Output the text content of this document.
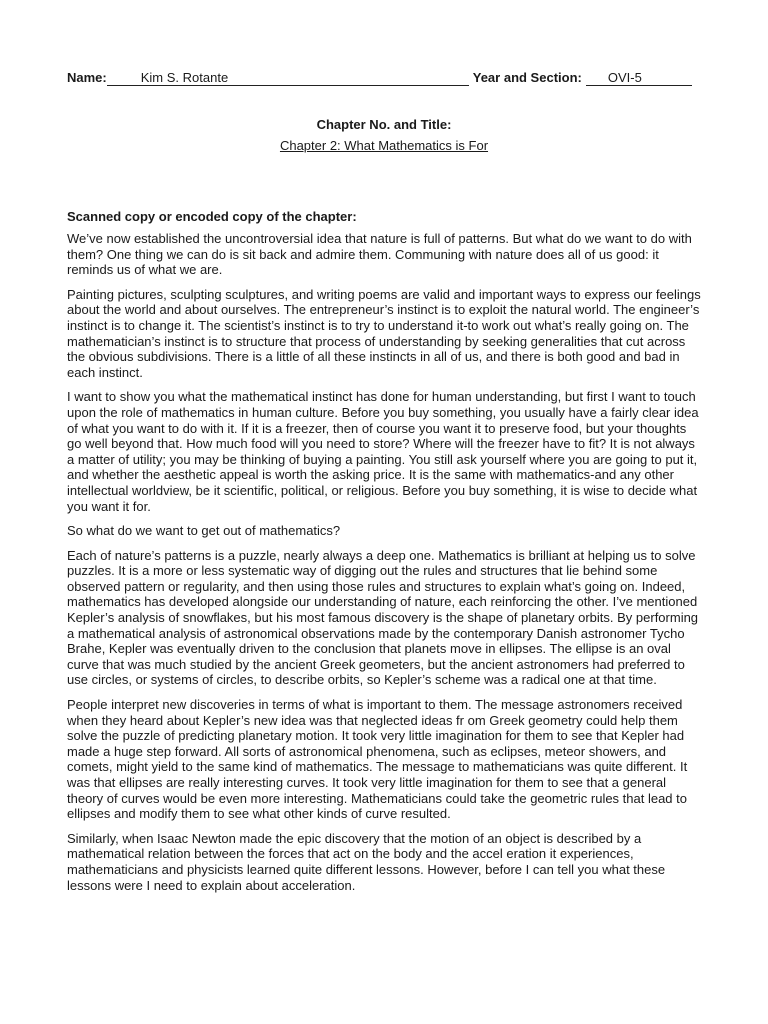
Name:	Kim S. Rotante	Year and Section:	OVI-5
Chapter No. and Title:
Chapter 2: What Mathematics is For
Scanned copy or encoded copy of the chapter:

We’ve now established the uncontroversial idea that nature is full of patterns. But what do we want to do with them? One thing we can do is sit back and admire them. Communing with nature does all of us good: it reminds us of what we are.

Painting pictures, sculpting sculptures, and writing poems are valid and important ways to express our feelings about the world and about ourselves. The entrepreneur’s instinct is to exploit the natural world. The engineer’s instinct is to change it. The scientist’s instinct is to try to understand it-to work out what’s really going on. The mathematician’s instinct is to structure that process of understanding by seeking generalities that cut across the obvious subdivisions. There is a little of all these instincts in all of us, and there is both good and bad in each instinct.

I want to show you what the mathematical instinct has done for human understanding, but first I want to touch upon the role of mathematics in human culture. Before you buy something, you usually have a fairly clear idea of what you want to do with it. If it is a freezer, then of course you want it to preserve food, but your thoughts go well beyond that. How much food will you need to store? Where will the freezer have to fit? It is not always a matter of utility; you may be thinking of buying a painting. You still ask yourself where you are going to put it, and whether the aesthetic appeal is worth the asking price. It is the same with mathematics-and any other intellectual worldview, be it scientific, political, or religious. Before you buy something, it is wise to decide what you want it for.

So what do we want to get out of mathematics?

Each of nature’s patterns is a puzzle, nearly always a deep one. Mathematics is brilliant at helping us to solve puzzles. It is a more or less systematic way of digging out the rules and structures that lie behind some observed pattern or regularity, and then using those rules and structures to explain what’s going on. Indeed, mathematics has developed alongside our understanding of nature, each reinforcing the other. I’ve mentioned Kepler’s analysis of snowflakes, but his most famous discovery is the shape of planetary orbits. By performing a mathematical analysis of astronomical observations made by the contemporary Danish astronomer Tycho Brahe, Kepler was eventually driven to the conclusion that planets move in ellipses. The ellipse is an oval curve that was much studied by the ancient Greek geometers, but the ancient astronomers had preferred to use circles, or systems of circles, to describe orbits, so Kepler’s scheme was a radical one at that time.

People interpret new discoveries in terms of what is important to them. The message astronomers received when they heard about Kepler’s new idea was that neglected ideas fr om Greek geometry could help them solve the puzzle of predicting planetary motion. It took very little imagination for them to see that Kepler had made a huge step forward. All sorts of astronomical phenomena, such as eclipses, meteor showers, and comets, might yield to the same kind of mathematics. The message to mathematicians was quite different. It was that ellipses are really interesting curves. It took very little imagination for them to see that a general theory of curves would be even more interesting. Mathematicians could take the geometric rules that lead to ellipses and modify them to see what other kinds of curve resulted.

Similarly, when Isaac Newton made the epic discovery that the motion of an object is described by a mathematical relation between the forces that act on the body and the accel eration it experiences, mathematicians and physicists learned quite different lessons. However, before I can tell you what these lessons were I need to explain about acceleration.
